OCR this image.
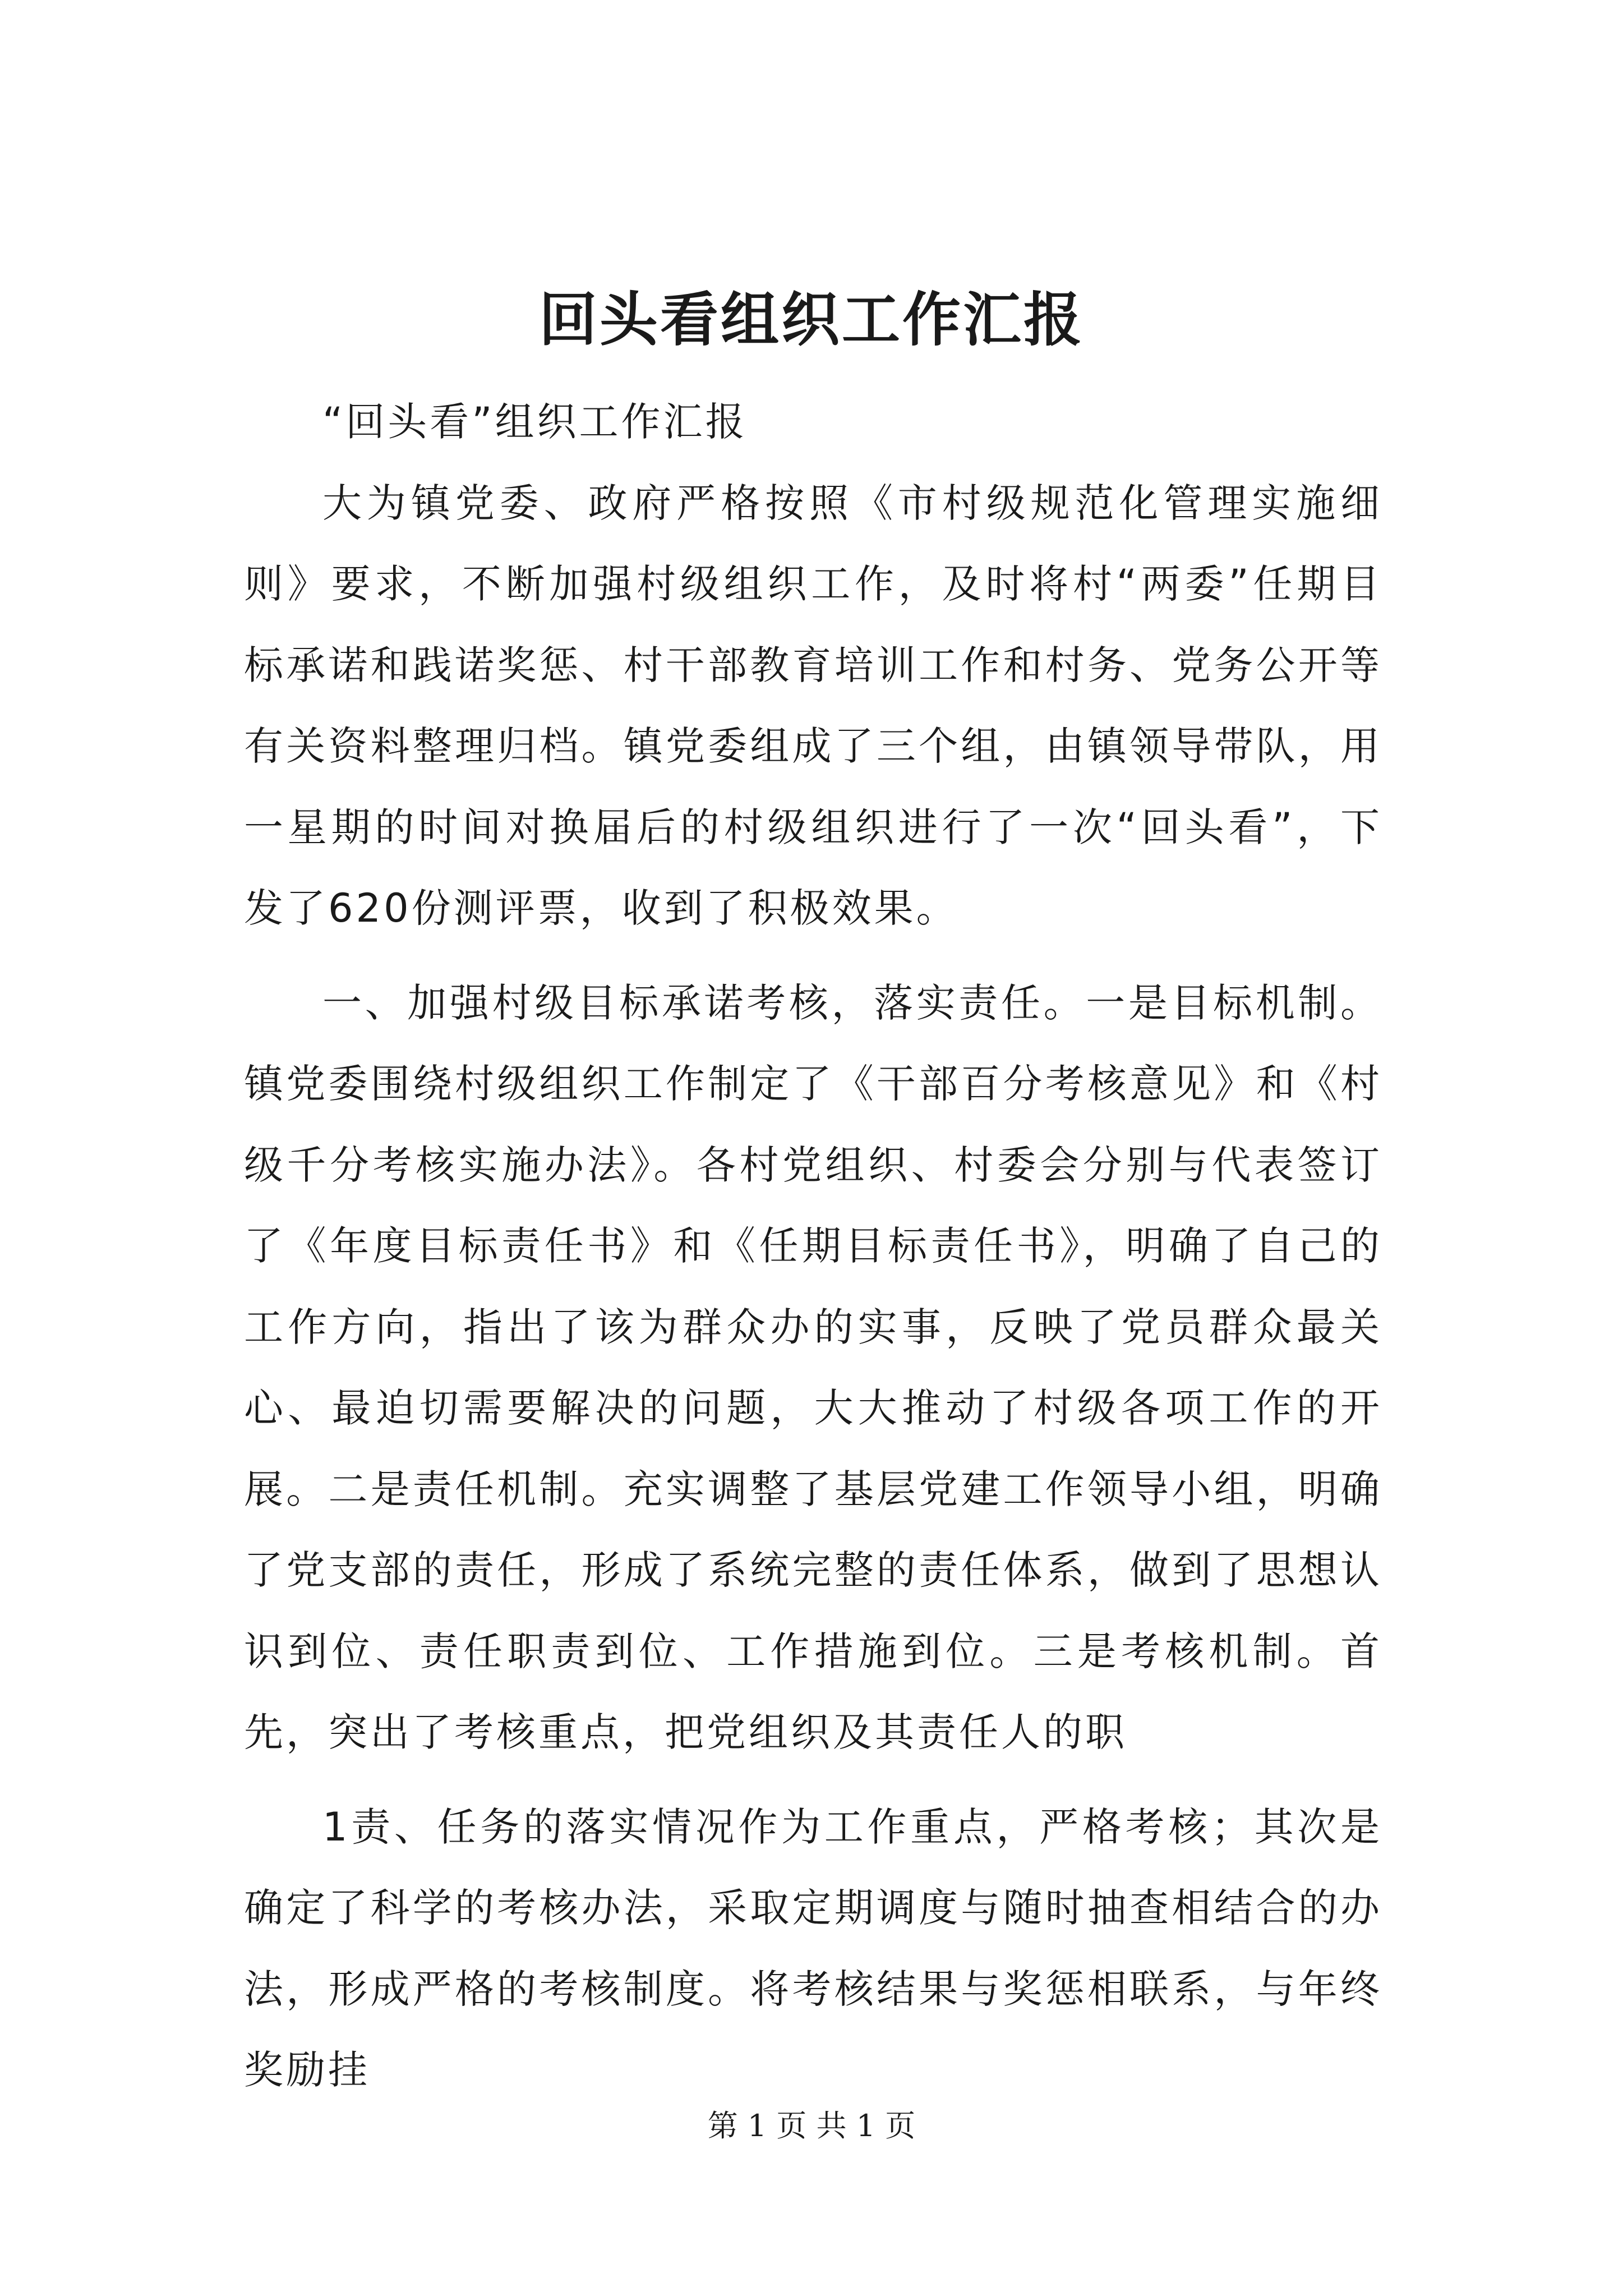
回头看组织工作汇报

“回头看”组织工作汇报

大为镇党委、政府严格按照《市村级规范化管理实施细则》要求，不断加强村级组织工作，及时将村“两委”任期目标承诺和践诺奖惩、村干部教育培训工作和村务、党务公开等有关资料整理归档。镇党委组成了三个组，由镇领导带队，用一星期的时间对换届后的村级组织进行了一次“回头看”，下发了620份测评票，收到了积极效果。

一、加强村级目标承诺考核，落实责任。一是目标机制。镇党委围绕村级组织工作制定了《干部百分考核意见》和《村级千分考核实施办法》。各村党组织、村委会分别与代表签订了《年度目标责任书》和《任期目标责任书》，明确了自己的工作方向，指出了该为群众办的实事，反映了党员群众最关心、最迫切需要解决的问题，大大推动了村级各项工作的开展。二是责任机制。充实调整了基层党建工作领导小组，明确了党支部的责任，形成了系统完整的责任体系，做到了思想认识到位、责任职责到位、工作措施到位。三是考核机制。首先，突出了考核重点，把党组织及其责任人的职

1责、任务的落实情况作为工作重点，严格考核；其次是确定了科学的考核办法，采取定期调度与随时抽查相结合的办法，形成严格的考核制度。将考核结果与奖惩相联系，与年终奖励挂

第 1 页 共 1 页
